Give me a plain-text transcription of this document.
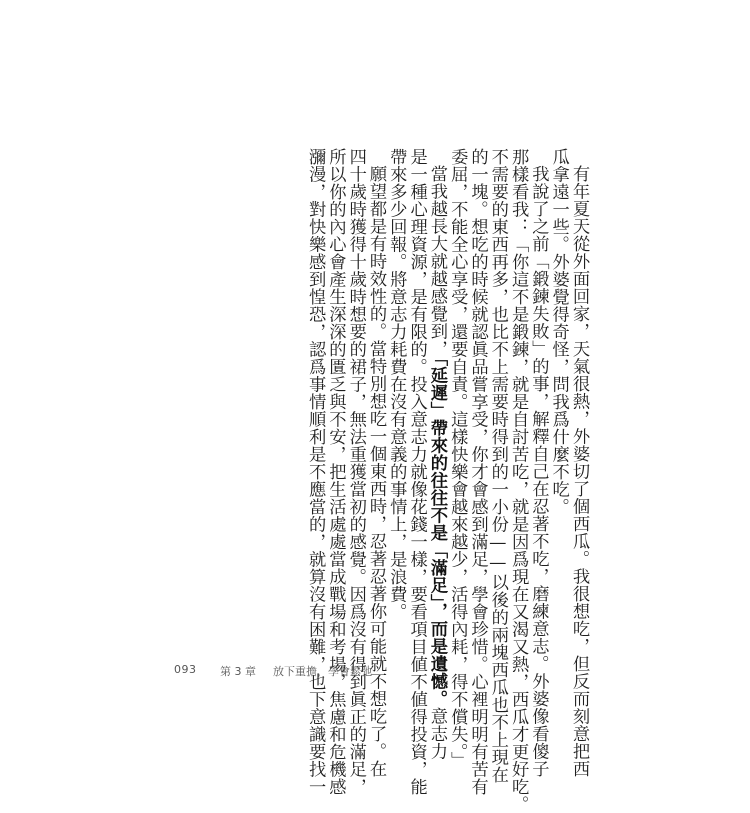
有年夏天從外面回家，天氣很熱，外婆切了個西瓜。我很想吃，但反而刻意把西

瓜拿遠一些。外婆覺得奇怪，問我爲什麼不吃。

我說了之前「鍛鍊失敗」的事，解釋自己在忍著不吃，磨練意志。外婆像看傻子

那樣看我：「你這不是鍛鍊，就是自討苦吃，就是因爲現在又渴又熱，西瓜才更好吃。

不需要的東西再多，也比不上需要時得到的一小份——以後的兩塊西瓜也不上現在

的一塊。想吃的時候就認眞品嘗享受，你才會感到滿足，學會珍惜。心裡明明有苦有

委屈，不能全心享受，還要自責。這樣快樂會越來越少，活得內耗，得不償失。」

當我越長大就越感覺到，「延遲」帶來的往往不是「滿足」，而是遺憾。意志力

是一種心理資源，是有限的。投入意志力就像花錢一樣，要看項目値不値得投資，能

帶來多少回報。將意志力耗費在沒有意義的事情上，是浪費。

願望都是有時效性的。當特別想吃一個東西時，忍著忍著你可能就不想吃了。在

四十歲時獲得十歲時想要的裙子，無法重獲當初的感覺。因爲沒有得到眞正的滿足，

所以你的內心會產生深深的匱乏與不安，把生活處處當成戰場和考場，焦慮和危機感

瀰漫，對快樂感到惶恐，認爲事情順利是不應當的，就算沒有困難，也下意識要找一

093 第 3 章 放下重擔，學會鬆弛
